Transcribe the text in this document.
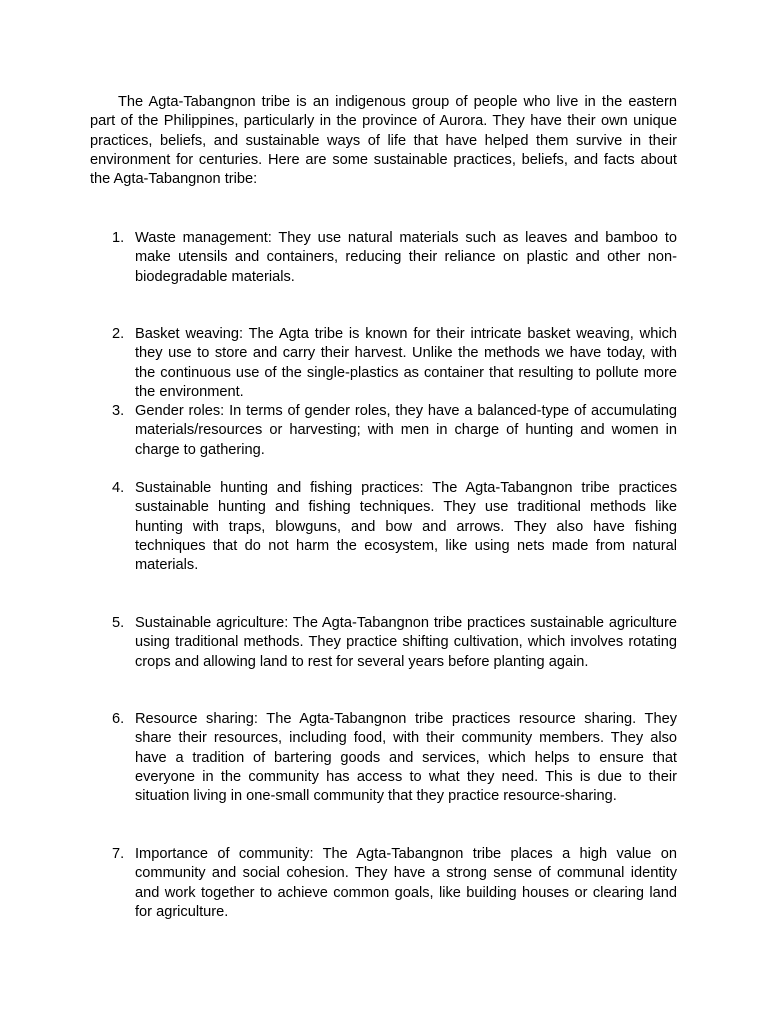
The Agta-Tabangnon tribe is an indigenous group of people who live in the eastern part of the Philippines, particularly in the province of Aurora. They have their own unique practices, beliefs, and sustainable ways of life that have helped them survive in their environment for centuries. Here are some sustainable practices, beliefs, and facts about the Agta-Tabangnon tribe:

1. Waste management: They use natural materials such as leaves and bamboo to make utensils and containers, reducing their reliance on plastic and other non-biodegradable materials.

2. Basket weaving: The Agta tribe is known for their intricate basket weaving, which they use to store and carry their harvest. Unlike the methods we have today, with the continuous use of the single-plastics as container that resulting to pollute more the environment.

3. Gender roles: In terms of gender roles, they have a balanced-type of accumulating materials/resources or harvesting; with men in charge of hunting and women in charge to gathering.

4. Sustainable hunting and fishing practices: The Agta-Tabangnon tribe practices sustainable hunting and fishing techniques. They use traditional methods like hunting with traps, blowguns, and bow and arrows. They also have fishing techniques that do not harm the ecosystem, like using nets made from natural materials.

5. Sustainable agriculture: The Agta-Tabangnon tribe practices sustainable agriculture using traditional methods. They practice shifting cultivation, which involves rotating crops and allowing land to rest for several years before planting again.

6. Resource sharing: The Agta-Tabangnon tribe practices resource sharing. They share their resources, including food, with their community members. They also have a tradition of bartering goods and services, which helps to ensure that everyone in the community has access to what they need. This is due to their situation living in one-small community that they practice resource-sharing.

7. Importance of community: The Agta-Tabangnon tribe places a high value on community and social cohesion. They have a strong sense of communal identity and work together to achieve common goals, like building houses or clearing land for agriculture.
